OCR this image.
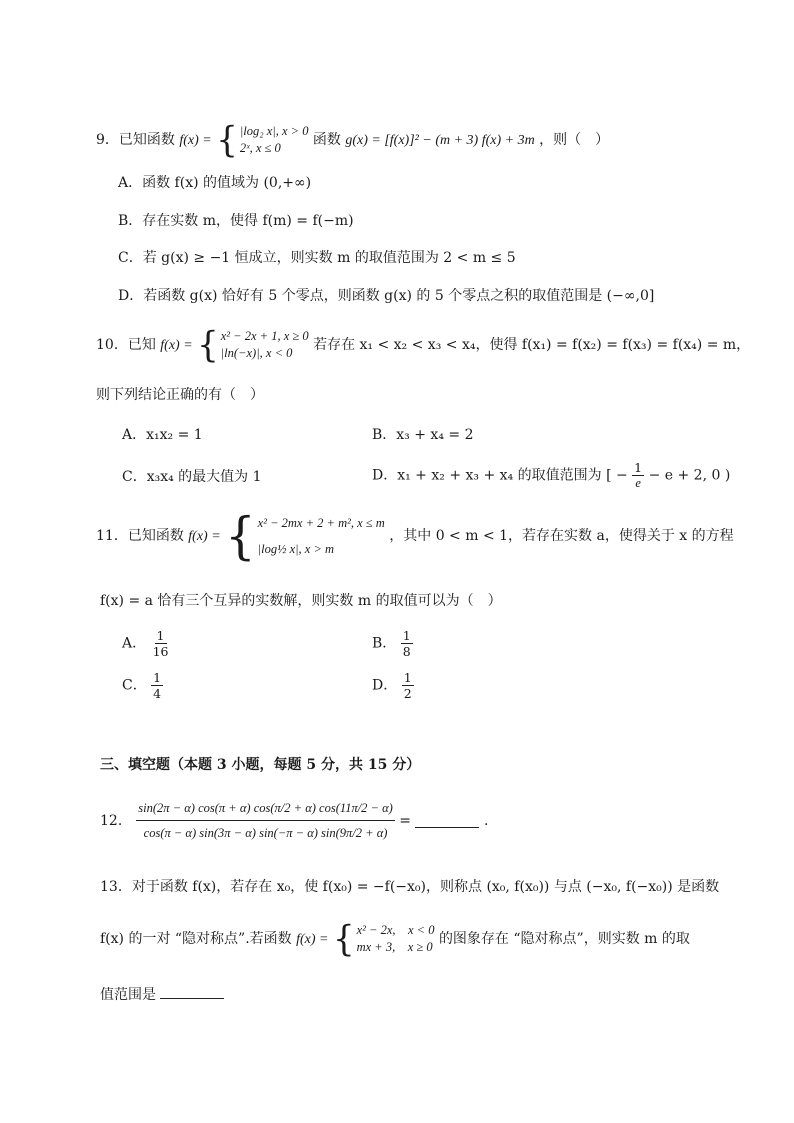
9．已知函数 f(x) = { |log₂ x|, x > 0
2ˣ, x ≤ 0	函数 g(x) = [f(x)]² − (m + 3) f(x) + 3m ，则（　）
A．函数 f(x) 的值域为 (0,+∞)
B．存在实数 m，使得 f(m) = f(−m)
C．若 g(x) ≥ −1 恒成立，则实数 m 的取值范围为 2 < m ≤ 5
D．若函数 g(x) 恰好有 5 个零点，则函数 g(x) 的 5 个零点之积的取值范围是 (−∞,0]
10．已知 f(x) = { x² − 2x + 1, x ≥ 0
|ln(−x)|, x < 0	若存在 x₁ < x₂ < x₃ < x₄，使得 f(x₁) = f(x₂) = f(x₃) = f(x₄) = m，
则下列结论正确的有（　）
A．x₁x₂ = 1	B．x₃ + x₄ = 2
C．x₃x₄ 的最大值为 1	D．x₁ + x₂ + x₃ + x₄ 的取值范围为 [ − $\frac{1}{e} - e + 2$, 0 )
11．已知函数 f(x) = { x² − 2mx + 2 + m², x ≤ m
|log½ x|, x > m
，其中 0 < m < 1，若存在实数 a，使得关于 x 的方程
f(x) = a 恰有三个互异的实数解，则实数 m 的取值可以为（　）
A． $\frac{1}{16}$	B． $\frac{1}{8}$
C． $\frac{1}{4}$	D． $\frac{1}{2}$
三、填空题（本题 3 小题，每题 5 分，共 15 分）
12． $\frac{\sin(2\pi - \alpha) \cos(\pi + \alpha) \cos(\pi/2 + \alpha) \cos(11\pi/2 - \alpha)}{\cos(\pi - \alpha) \sin(3\pi - \alpha) \sin(-\pi - \alpha) \sin(9\pi/2 + \alpha)}$ =	.
13．对于函数 f(x)，若存在 x₀，使 f(x₀) = −f(−x₀)，则称点 (x₀, f(x₀)) 与点 (−x₀, f(−x₀)) 是函数
f(x) 的一对 “隐对称点”.若函数 f(x) = { x² − 2x,　x < 0
mx + 3,　x ≥ 0 的图象存在 “隐对称点”，则实数 m 的取
值范围是
